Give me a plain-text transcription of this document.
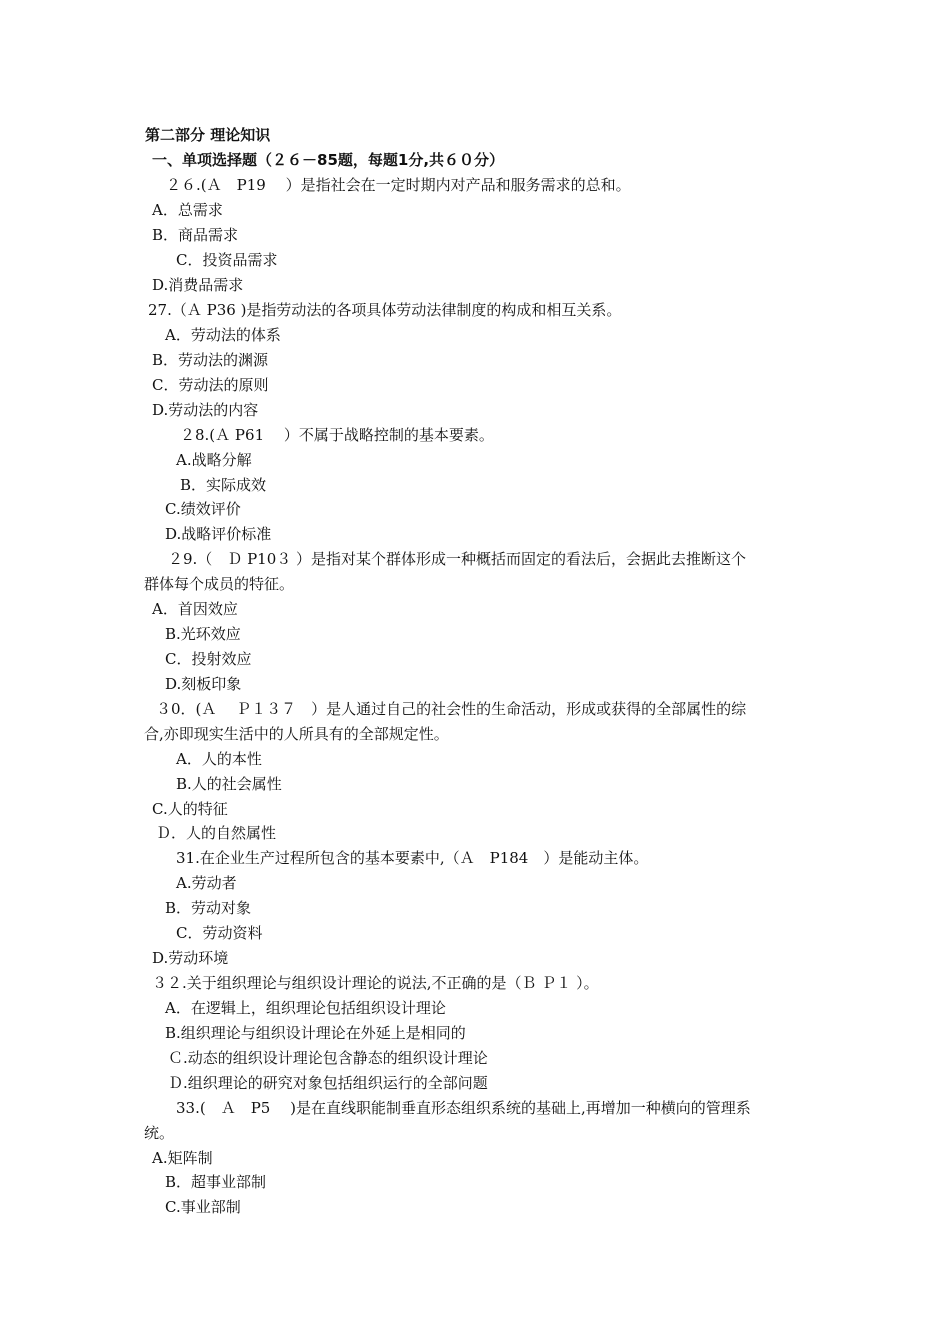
第二部分 理论知识
一、单项选择题（２６－85题，每题1分,共６０分）
２６.(Ａ　P19　 ）是指社会在一定时期内对产品和服务需求的总和。
A．总需求
B．商品需求
C．投资品需求
D.消费品需求
27.（Ａ P36 )是指劳动法的各项具体劳动法律制度的构成和相互关系。
A．劳动法的体系
B．劳动法的渊源
C．劳动法的原则
D.劳动法的内容
２8.(Ａ P61　 ）不属于战略控制的基本要素。
A.战略分解
B．实际成效
C.绩效评价
D.战略评价标准
２9.（　Ｄ P10３ ）是指对某个群体形成一种概括而固定的看法后，会据此去推断这个
群体每个成员的特征。
A．首因效应
B.光环效应
C．投射效应
D.刻板印象
３0．(Ａ　 Ｐ１３７　）是人通过自己的社会性的生命活动，形成或获得的全部属性的综
合,亦即现实生活中的人所具有的全部规定性。
A．人的本性
B.人的社会属性
C.人的特征
Ｄ．人的自然属性
31.在企业生产过程所包含的基本要素中,（Ａ　P184　）是能动主体。
A.劳动者
B．劳动对象
C．劳动资料
D.劳动环境
３２.关于组织理论与组织设计理论的说法,不正确的是（Ｂ Ｐ１ ）。
A．在逻辑上，组织理论包括组织设计理论
B.组织理论与组织设计理论在外延上是相同的
Ｃ.动态的组织设计理论包含静态的组织设计理论
Ｄ.组织理论的研究对象包括组织运行的全部问题
33.(　Ａ　P5　 )是在直线职能制垂直形态组织系统的基础上,再增加一种横向的管理系
统。
A.矩阵制
B．超事业部制
C.事业部制
